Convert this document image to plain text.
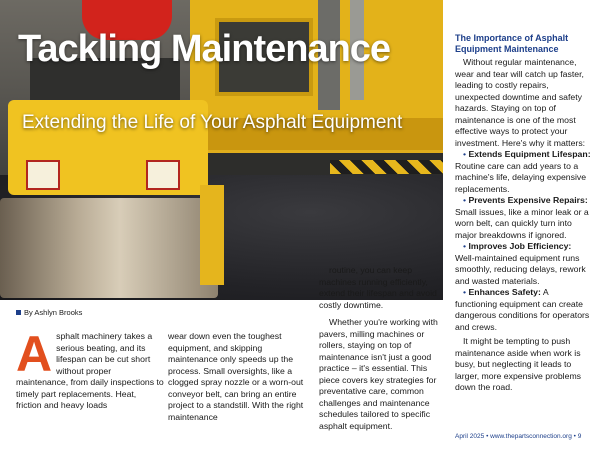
Tackling Maintenance
Extending the Life of Your Asphalt Equipment
By Ashlyn Brooks
A sphalt machinery takes a serious beating, and its lifespan can be cut short without proper maintenance, from daily inspections to timely part replacements. Heat, friction and heavy loads

wear down even the toughest equipment, and skipping maintenance only speeds up the process. Small oversights, like a clogged spray nozzle or a worn-out conveyor belt, can bring an entire project to a standstill. With the right maintenance

routine, you can keep machines running efficiently, extend their lifespan and avoid costly downtime.

Whether you're working with pavers, milling machines or rollers, staying on top of maintenance isn't just a good practice – it's essential. This piece covers key strategies for preventative care, common challenges and maintenance schedules tailored to specific asphalt equipment.

The Importance of Asphalt Equipment Maintenance

Without regular maintenance, wear and tear will catch up faster, leading to costly repairs, unexpected downtime and safety hazards. Staying on top of maintenance is one of the most effective ways to protect your investment. Here's why it matters:

• Extends Equipment Lifespan: Routine care can add years to a machine's life, delaying expensive replacements.
• Prevents Expensive Repairs: Small issues, like a minor leak or a worn belt, can quickly turn into major breakdowns if ignored.
• Improves Job Efficiency: Well-maintained equipment runs smoothly, reducing delays, rework and wasted materials.
• Enhances Safety: A functioning equipment can create dangerous conditions for operators and crews.

It might be tempting to push maintenance aside when work is busy, but neglecting it leads to larger, more expensive problems down the road.

April 2025 • www.thepartsconnection.org • 9
